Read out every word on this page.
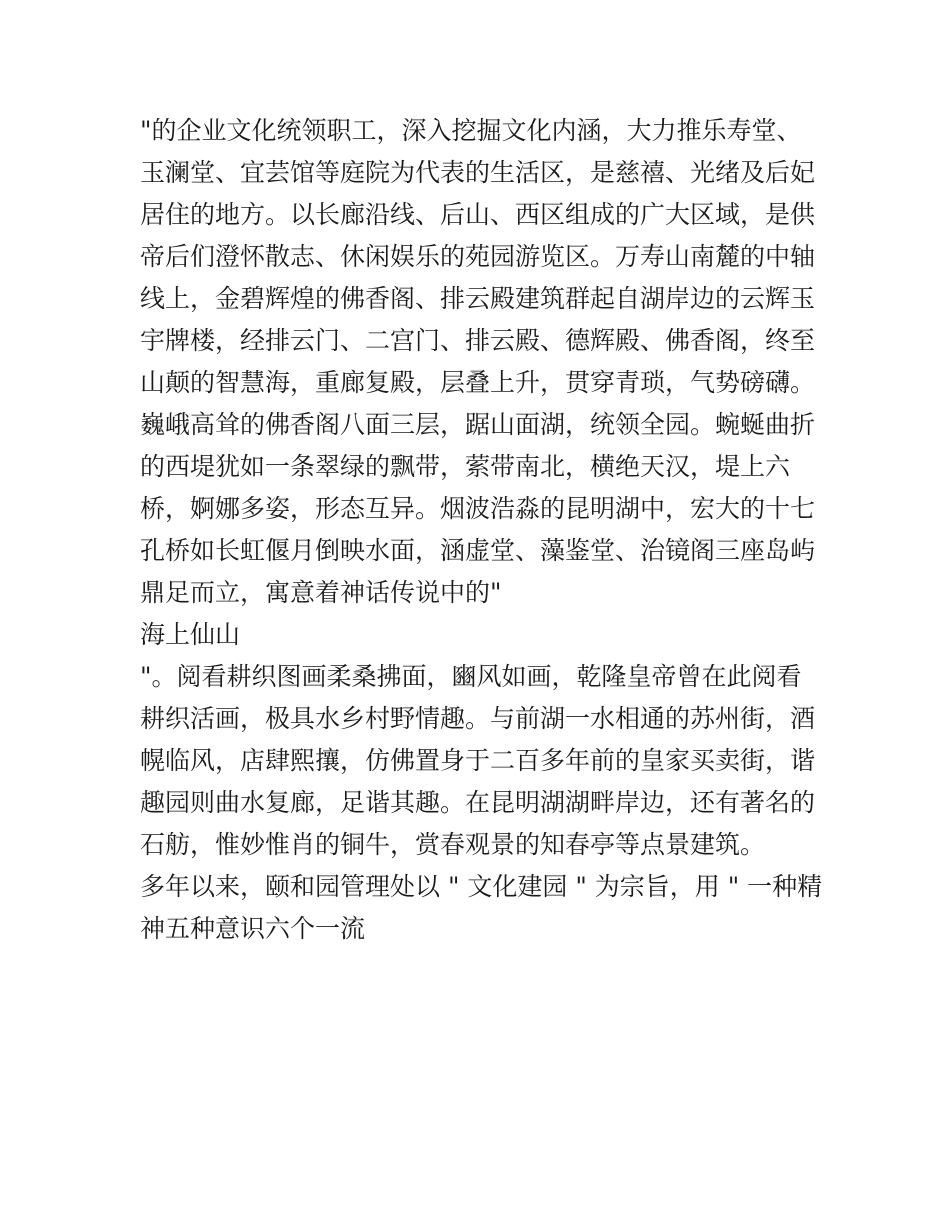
"的企业文化统领职工，深入挖掘文化内涵，大力推乐寿堂、
玉澜堂、宜芸馆等庭院为代表的生活区，是慈禧、光绪及后妃
居住的地方。以长廊沿线、后山、西区组成的广大区域，是供
帝后们澄怀散志、休闲娱乐的苑园游览区。万寿山南麓的中轴
线上，金碧辉煌的佛香阁、排云殿建筑群起自湖岸边的云辉玉
宇牌楼，经排云门、二宫门、排云殿、德辉殿、佛香阁，终至
山颠的智慧海，重廊复殿，层叠上升，贯穿青琐，气势磅礴。
巍峨高耸的佛香阁八面三层，踞山面湖，统领全园。蜿蜒曲折
的西堤犹如一条翠绿的飘带，萦带南北，横绝天汉，堤上六
桥，婀娜多姿，形态互异。烟波浩淼的昆明湖中，宏大的十七
孔桥如长虹偃月倒映水面，涵虚堂、藻鉴堂、治镜阁三座岛屿
鼎足而立，寓意着神话传说中的"
海上仙山
"。阅看耕织图画柔桑拂面，豳风如画，乾隆皇帝曾在此阅看
耕织活画，极具水乡村野情趣。与前湖一水相通的苏州街，酒
幌临风，店肆熙攘，仿佛置身于二百多年前的皇家买卖街，谐
趣园则曲水复廊，足谐其趣。在昆明湖湖畔岸边，还有著名的
石舫，惟妙惟肖的铜牛，赏春观景的知春亭等点景建筑。
多年以来，颐和园管理处以 " 文化建园 " 为宗旨，用 " 一种精
神五种意识六个一流
